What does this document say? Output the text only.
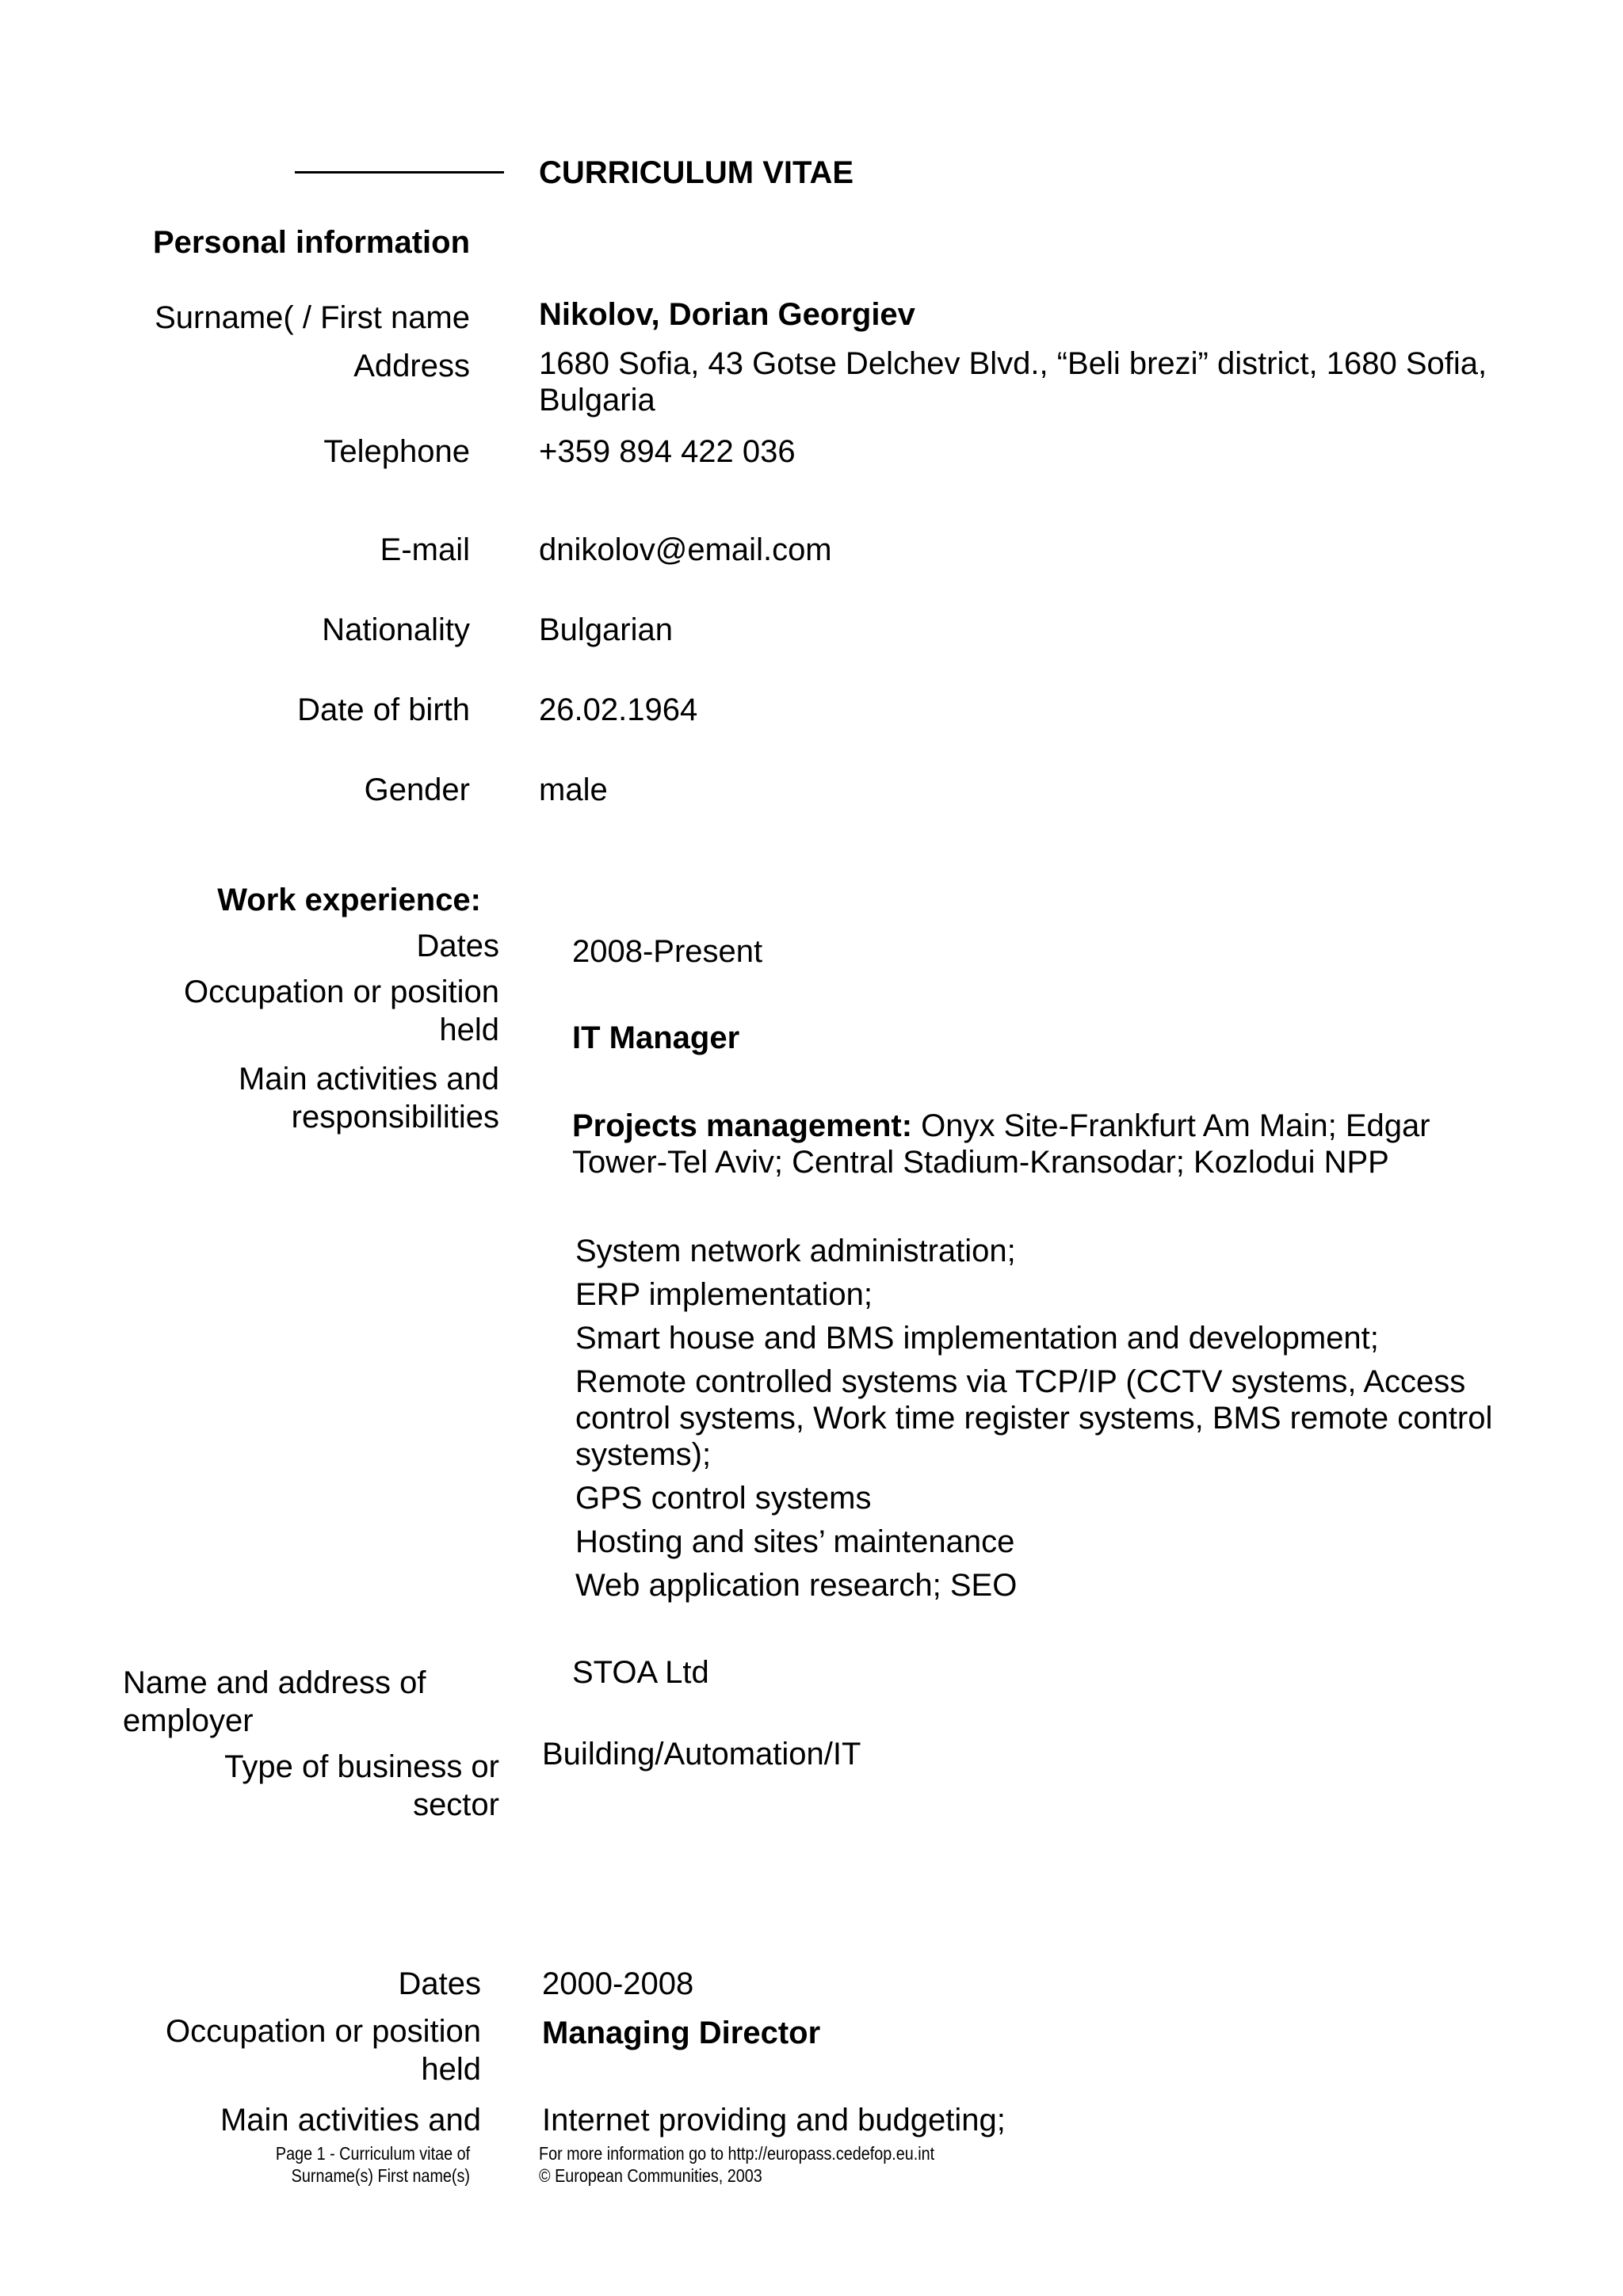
CURRICULUM VITAE
Personal information
Surname( / First name Nikolov, Dorian Georgiev
Address 1680 Sofia, 43 Gotse Delchev Blvd., “Beli brezi” district, 1680 Sofia, Bulgaria
Telephone +359 894 422 036
E-mail dnikolov@email.com
Nationality Bulgarian
Date of birth 26.02.1964
Gender male
Work experience:
Dates 2008-Present
Occupation or position held IT Manager
Main activities and responsibilities Projects management: Onyx Site-Frankfurt Am Main; Edgar Tower-Tel Aviv; Central Stadium-Kransodar; Kozlodui NPP
System network administration;
ERP implementation;
Smart house and BMS implementation and development;
Remote controlled systems via TCP/IP (CCTV systems, Access control systems, Work time register systems, BMS remote control systems);
GPS control systems
Hosting and sites’ maintenance
Web application research; SEO
Name and address of employer
STOA Ltd
Type of business or sector
Building/Automation/IT
Dates 2000-2008
Occupation or position held
Managing Director
Main activities and Internet providing and budgeting;
Page 1 - Curriculum vitae of
Surname(s) First name(s)
For more information go to http://europass.cedefop.eu.int
© European Communities, 2003
